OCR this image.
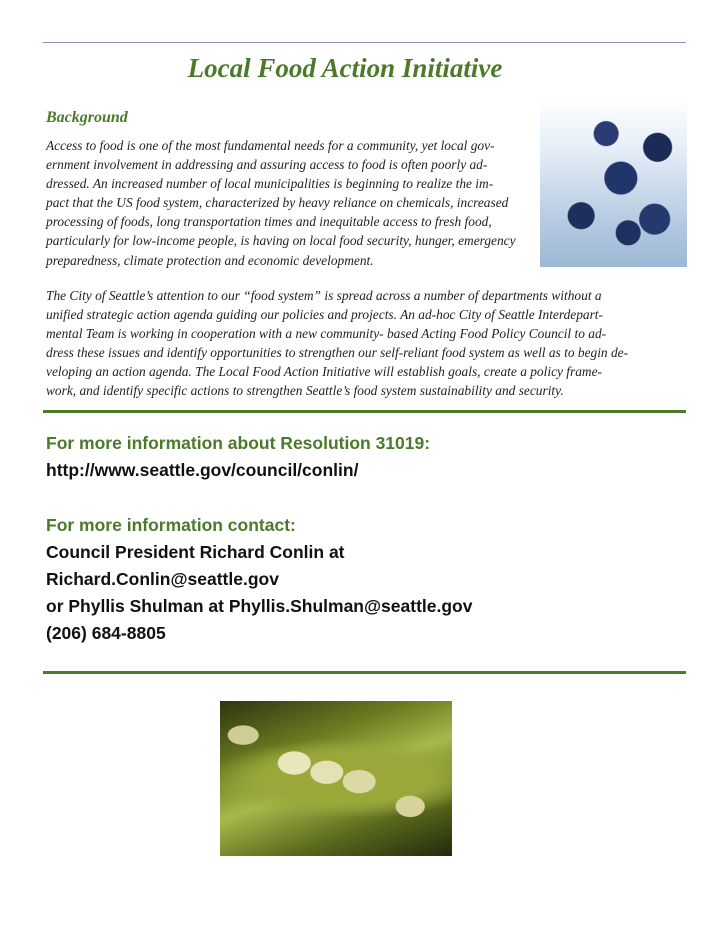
Local Food Action Initiative
Background

Access to food is one of the most fundamental needs for a community, yet local gov-
ernment involvement in addressing and assuring access to food is often poorly ad-
dressed. An increased number of local municipalities is beginning to realize the im-
pact that the US food system, characterized by heavy reliance on chemicals, increased
processing of foods, long transportation times and inequitable access to fresh food,
particularly for low-income people, is having on local food security, hunger, emergency
preparedness, climate protection and economic development.

The City of Seattle’s attention to our “food system” is spread across a number of departments without a
unified strategic action agenda guiding our policies and projects. An ad-hoc City of Seattle Interdepart-
mental Team is working in cooperation with a new community- based Acting Food Policy Council to ad-
dress these issues and identify opportunities to strengthen our self-reliant food system as well as to begin de-
veloping an action agenda. The Local Food Action Initiative will establish goals, create a policy frame-
work, and identify specific actions to strengthen Seattle’s food system sustainability and security.

For more information about Resolution 31019:
http://www.seattle.gov/council/conlin/
For more information contact:
Council President Richard Conlin at
Richard.Conlin@seattle.gov
or Phyllis Shulman at Phyllis.Shulman@seattle.gov
(206) 684-8805
